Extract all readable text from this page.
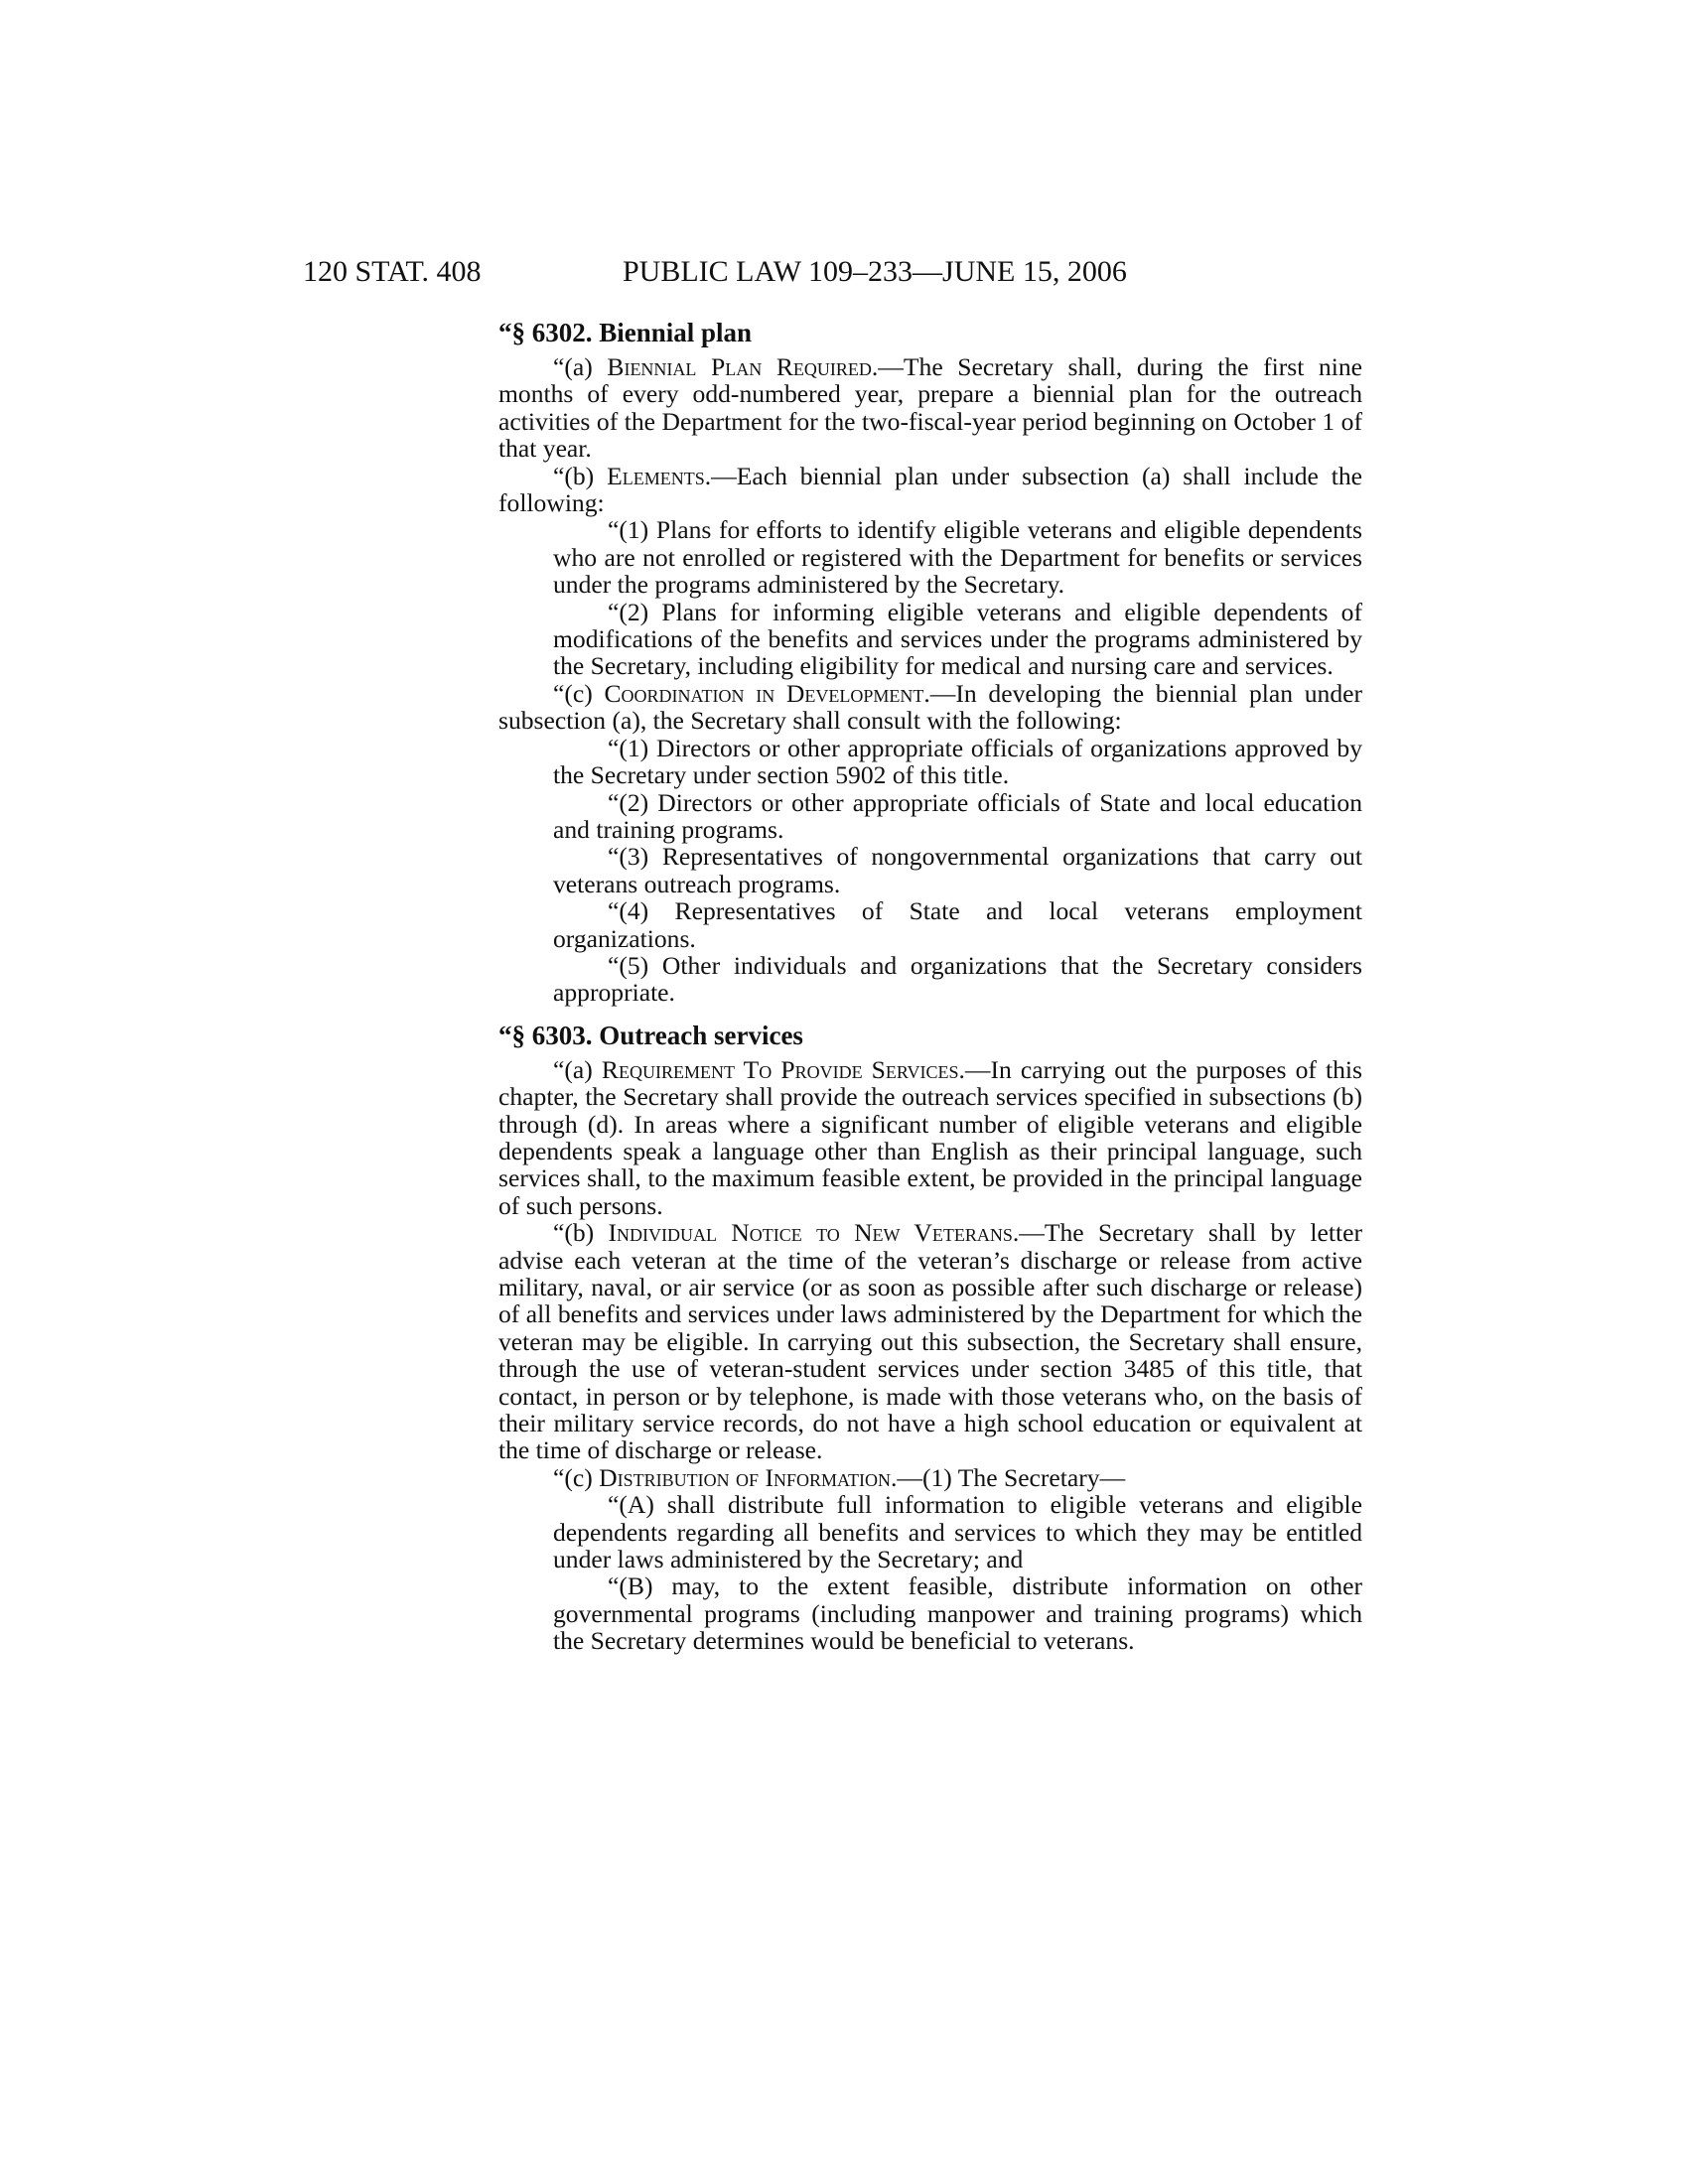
120 STAT. 408	PUBLIC LAW 109–233—JUNE 15, 2006
“§ 6302. Biennial plan

“(a) Biennial Plan Required.—The Secretary shall, during the first nine months of every odd-numbered year, prepare a biennial plan for the outreach activities of the Department for the two-fiscal-year period beginning on October 1 of that year.

“(b) Elements.—Each biennial plan under subsection (a) shall include the following:

“(1) Plans for efforts to identify eligible veterans and eligible dependents who are not enrolled or registered with the Department for benefits or services under the programs administered by the Secretary.

“(2) Plans for informing eligible veterans and eligible dependents of modifications of the benefits and services under the programs administered by the Secretary, including eligibility for medical and nursing care and services.

“(c) Coordination in Development.—In developing the biennial plan under subsection (a), the Secretary shall consult with the following:

“(1) Directors or other appropriate officials of organizations approved by the Secretary under section 5902 of this title.

“(2) Directors or other appropriate officials of State and local education and training programs.

“(3) Representatives of nongovernmental organizations that carry out veterans outreach programs.

“(4) Representatives of State and local veterans employment organizations.

“(5) Other individuals and organizations that the Secretary considers appropriate.

“§ 6303. Outreach services

“(a) Requirement To Provide Services.—In carrying out the purposes of this chapter, the Secretary shall provide the outreach services specified in subsections (b) through (d). In areas where a significant number of eligible veterans and eligible dependents speak a language other than English as their principal language, such services shall, to the maximum feasible extent, be provided in the principal language of such persons.

“(b) Individual Notice to New Veterans.—The Secretary shall by letter advise each veteran at the time of the veteran’s discharge or release from active military, naval, or air service (or as soon as possible after such discharge or release) of all benefits and services under laws administered by the Department for which the veteran may be eligible. In carrying out this subsection, the Secretary shall ensure, through the use of veteran-student services under section 3485 of this title, that contact, in person or by telephone, is made with those veterans who, on the basis of their military service records, do not have a high school education or equivalent at the time of discharge or release.

“(c) Distribution of Information.—(1) The Secretary—

“(A) shall distribute full information to eligible veterans and eligible dependents regarding all benefits and services to which they may be entitled under laws administered by the Secretary; and

“(B) may, to the extent feasible, distribute information on other governmental programs (including manpower and training programs) which the Secretary determines would be beneficial to veterans.
